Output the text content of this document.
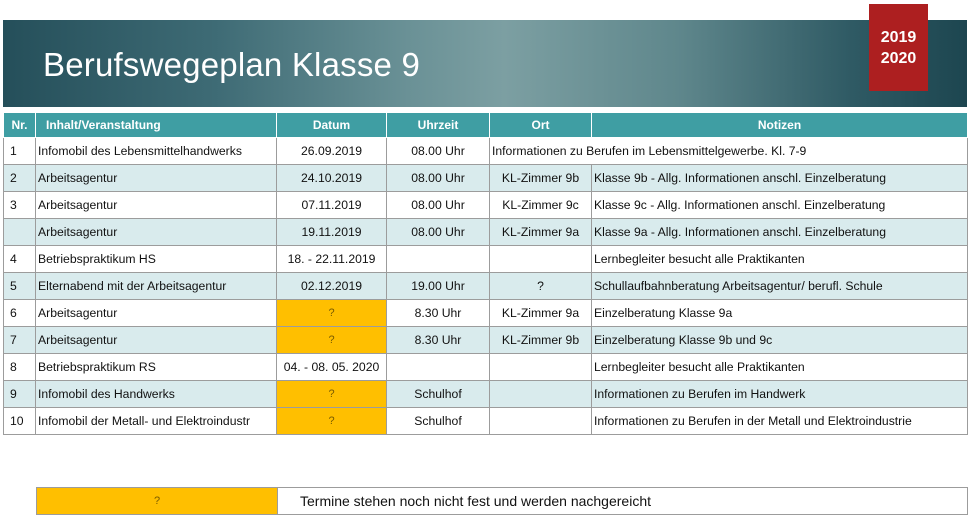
Berufswegeplan Klasse 9
2019
2020
Nr.	Inhalt/Veranstaltung	Datum	Uhrzeit	Ort	Notizen
1	Infomobil des Lebensmittelhandwerks	26.09.2019	08.00 Uhr	Informationen zu Berufen im Lebensmittelgewerbe. Kl. 7-9	
2	Arbeitsagentur	24.10.2019	08.00 Uhr	KL-Zimmer 9b	Klasse 9b - Allg. Informationen anschl. Einzelberatung
3	Arbeitsagentur	07.11.2019	08.00 Uhr	KL-Zimmer 9c	Klasse 9c - Allg. Informationen anschl. Einzelberatung
	Arbeitsagentur	19.11.2019	08.00 Uhr	KL-Zimmer 9a	Klasse 9a - Allg. Informationen anschl. Einzelberatung
4	Betriebspraktikum HS	18. - 22.11.2019			Lernbegleiter besucht alle Praktikanten
5	Elternabend mit der Arbeitsagentur	02.12.2019	19.00 Uhr	?	Schullaufbahnberatung Arbeitsagentur/ berufl. Schule
6	Arbeitsagentur	?	8.30 Uhr	KL-Zimmer 9a	Einzelberatung Klasse 9a
7	Arbeitsagentur	?	8.30 Uhr	KL-Zimmer 9b	Einzelberatung Klasse 9b und 9c
8	Betriebspraktikum RS	04. - 08. 05. 2020			Lernbegleiter besucht alle Praktikanten
9	Infomobil des Handwerks	?	Schulhof		Informationen zu Berufen im Handwerk
10	Infomobil der Metall- und Elektroindustr	?	Schulhof		Informationen zu Berufen in der Metall und Elektroindustrie
?	Termine stehen noch nicht fest und werden nachgereicht
